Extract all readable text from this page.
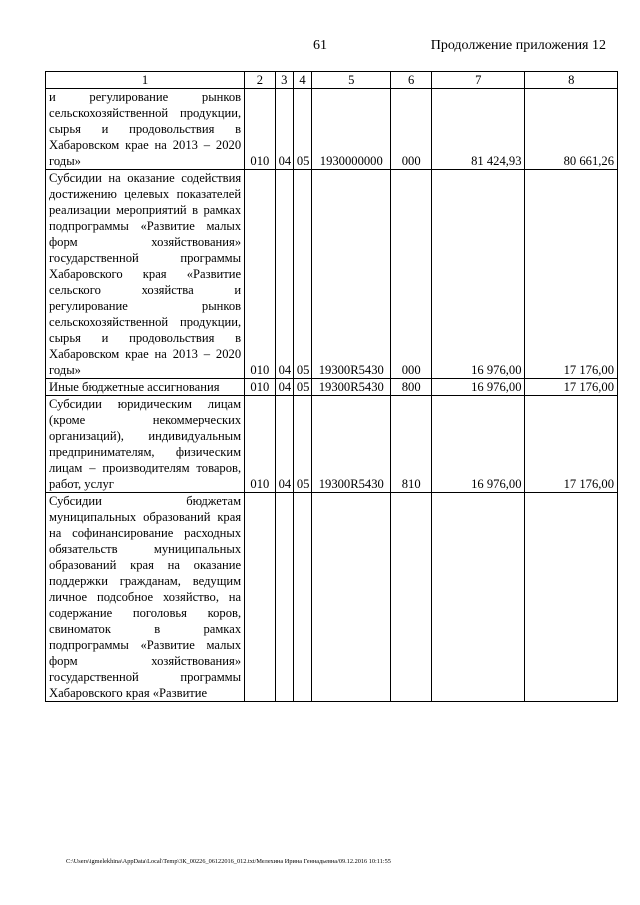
61	Продолжение приложения 12
1	2	3	4	5	6	7	8
и регулирование рынков сельскохозяйственной продукции, сырья и продовольствия в Хабаровском крае на 2013 – 2020 годы»	010	04	05	1930000000	000	81 424,93	80 661,26
Субсидии на оказание содействия достижению целевых показателей реализации мероприятий в рамках подпрограммы «Развитие малых форм хозяйствования» государственной программы Хабаровского края «Развитие сельского хозяйства и регулирование рынков сельскохозяйственной продукции, сырья и продовольствия в Хабаровском крае на 2013 – 2020 годы»	010	04	05	19300R5430	000	16 976,00	17 176,00
Иные бюджетные ассигнования	010	04	05	19300R5430	800	16 976,00	17 176,00
Субсидии юридическим лицам (кроме некоммерческих организаций), индивидуальным предпринимателям, физическим лицам – производителям товаров, работ, услуг	010	04	05	19300R5430	810	16 976,00	17 176,00
Субсидии бюджетам муниципальных образований края на софинансирование расходных обязательств муниципальных образований края на оказание поддержки гражданам, ведущим личное подсобное хозяйство, на содержание поголовья коров, свиноматок в рамках подпрограммы «Развитие малых форм хозяйствования» государственной программы Хабаровского края «Развитие							
C:\Users\igmelekhina\AppData\Local\Temp\3К_00226_06122016_012.txt/Мелехина Ирина Геннадьевна/09.12.2016 10:11:55
